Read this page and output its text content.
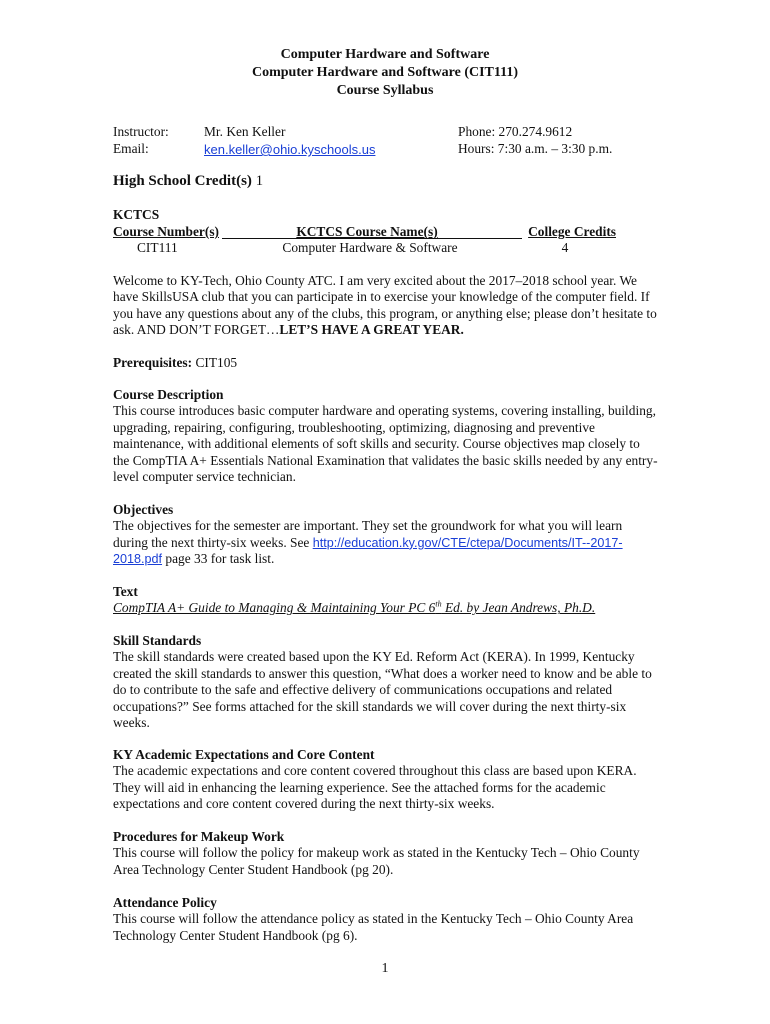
Computer Hardware and Software
Computer Hardware and Software (CIT111)
Course Syllabus
Instructor:	Mr. Ken Keller	Phone: 270.274.9612
Email:	ken.keller@ohio.kyschools.us	Hours: 7:30 a.m. – 3:30 p.m.
High School Credit(s) 1
KCTCS
Course Number(s)	KCTCS Course Name(s)	College Credits
CIT111	Computer Hardware & Software	4

Welcome to KY-Tech, Ohio County ATC. I am very excited about the 2017–2018 school year. We have SkillsUSA club that you can participate in to exercise your knowledge of the computer field. If you have any questions about any of the clubs, this program, or anything else; please don’t hesitate to ask. AND DON’T FORGET…LET’S HAVE A GREAT YEAR.

Prerequisites: CIT105

Course Description

This course introduces basic computer hardware and operating systems, covering installing, building, upgrading, repairing, configuring, troubleshooting, optimizing, diagnosing and preventive maintenance, with additional elements of soft skills and security. Course objectives map closely to the CompTIA A+ Essentials National Examination that validates the basic skills needed by any entry-level computer service technician.

Objectives

The objectives for the semester are important. They set the groundwork for what you will learn during the next thirty-six weeks. See http://education.ky.gov/CTE/ctepa/Documents/IT--2017-2018.pdf page 33 for task list.

Text

CompTIA A+ Guide to Managing & Maintaining Your PC 6th Ed. by Jean Andrews, Ph.D.

Skill Standards

The skill standards were created based upon the KY Ed. Reform Act (KERA). In 1999, Kentucky created the skill standards to answer this question, “What does a worker need to know and be able to do to contribute to the safe and effective delivery of communications occupations and related occupations?” See forms attached for the skill standards we will cover during the next thirty-six weeks.

KY Academic Expectations and Core Content

The academic expectations and core content covered throughout this class are based upon KERA. They will aid in enhancing the learning experience. See the attached forms for the academic expectations and core content covered during the next thirty-six weeks.

Procedures for Makeup Work

This course will follow the policy for makeup work as stated in the Kentucky Tech – Ohio County Area Technology Center Student Handbook (pg 20).

Attendance Policy

This course will follow the attendance policy as stated in the Kentucky Tech – Ohio County Area Technology Center Student Handbook (pg 6).

1
